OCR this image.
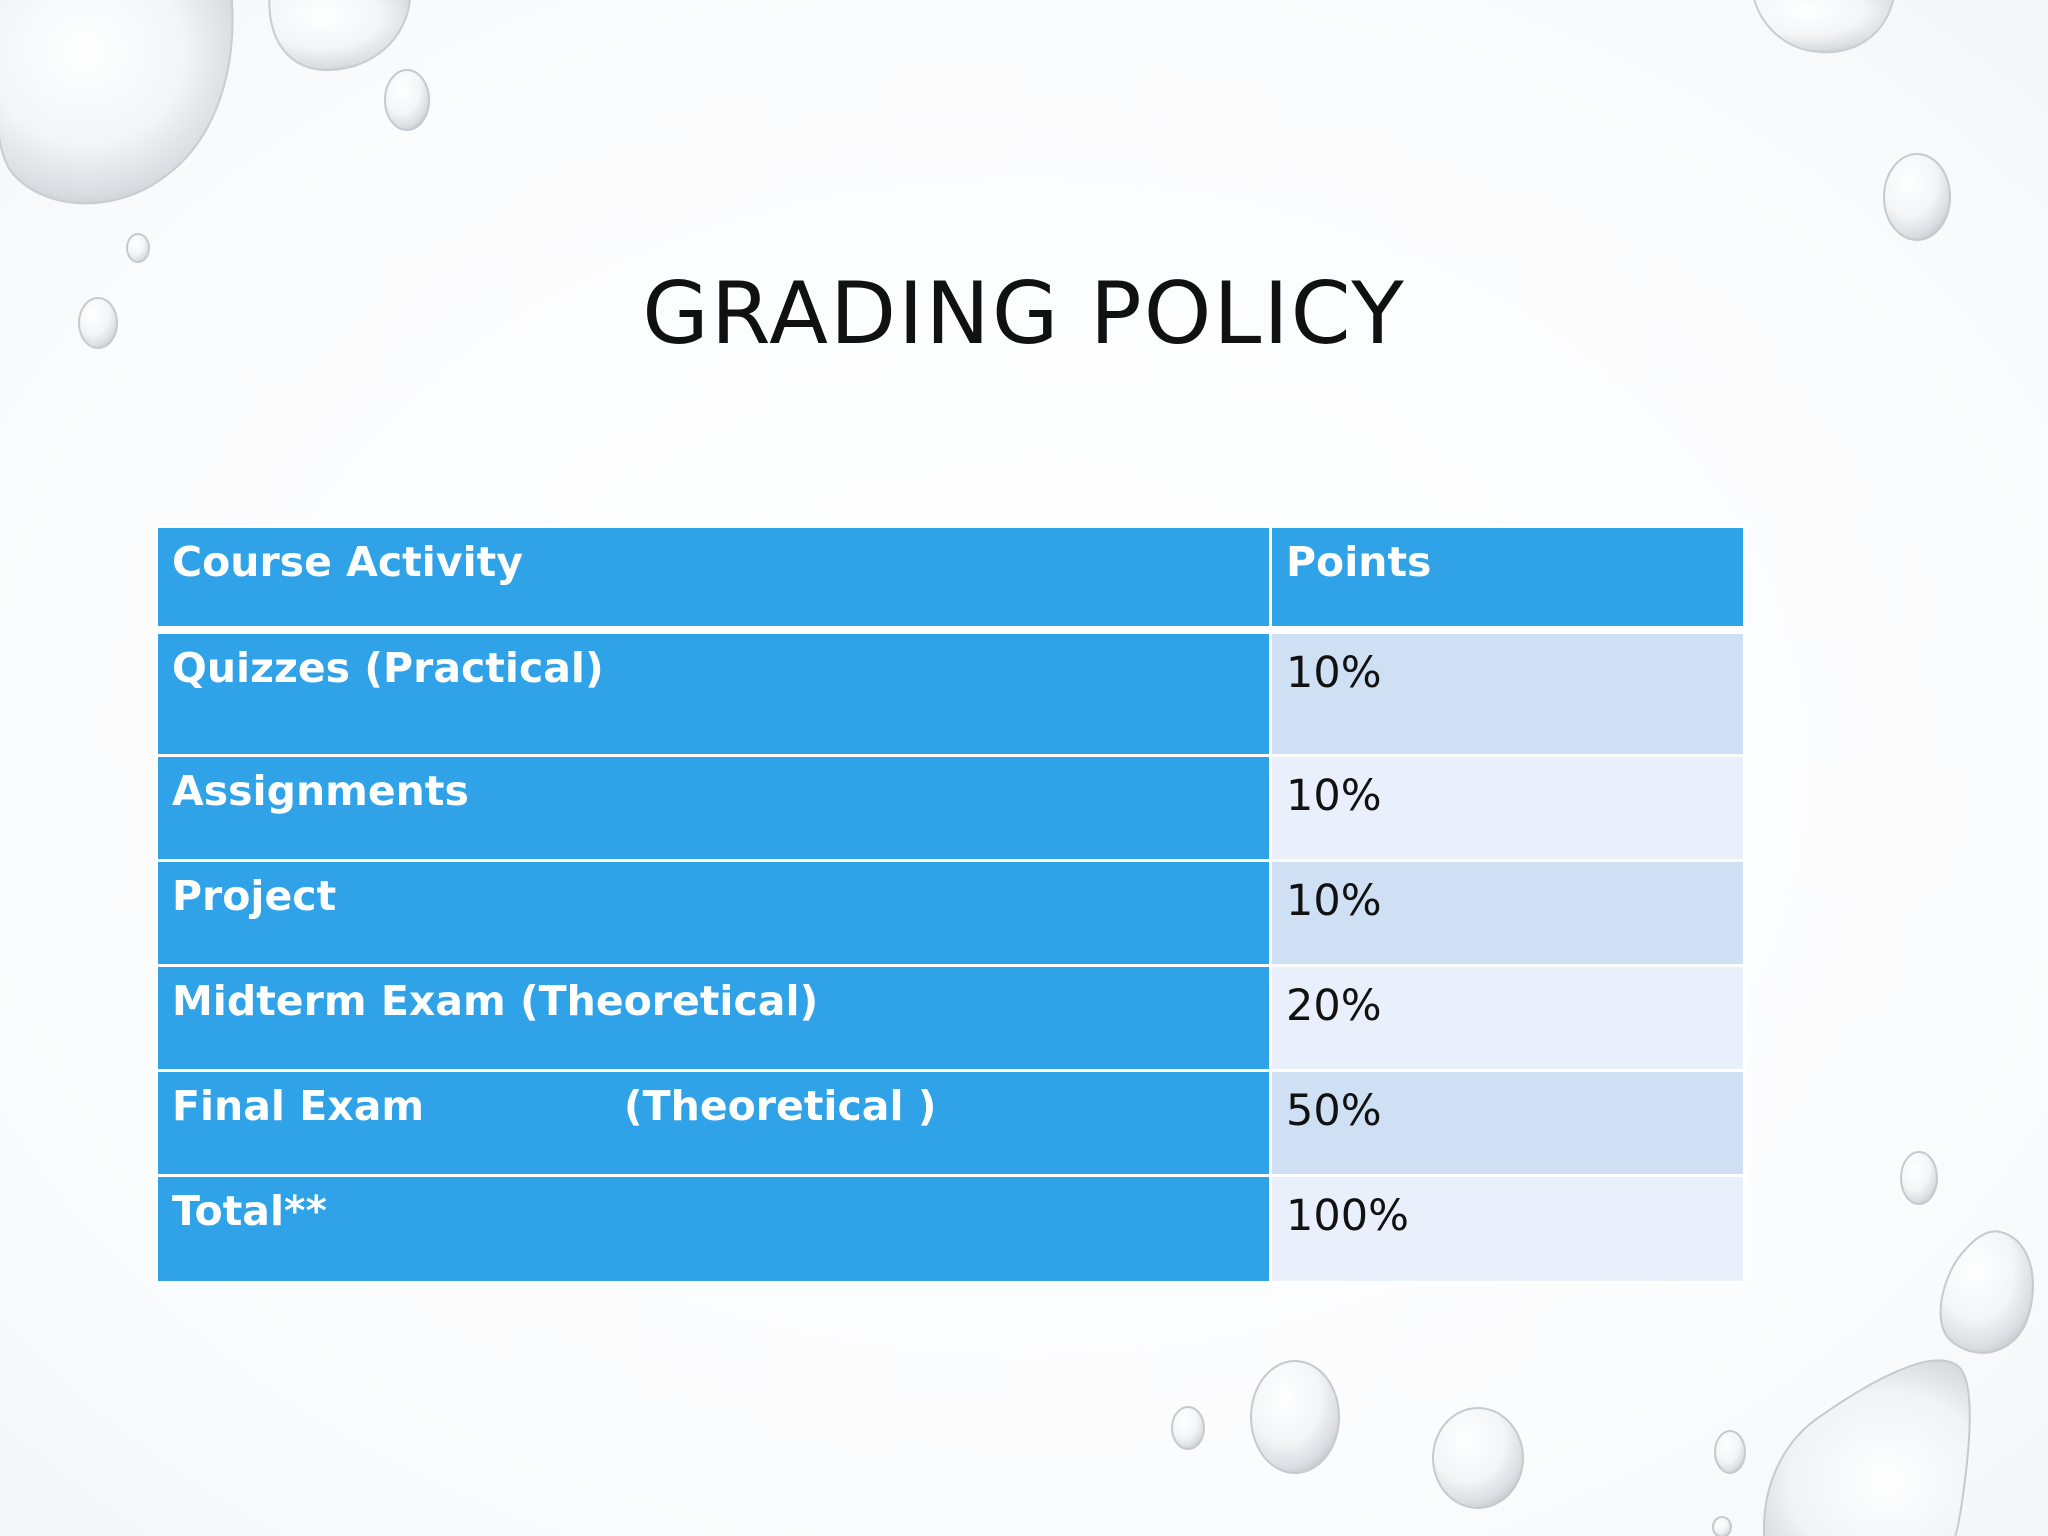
GRADING POLICY
Course Activity	Points
Quizzes (Practical)	10%
Assignments	10%
Project	10%
Midterm Exam (Theoretical)	20%
Final Exam              (Theoretical )	50%
Total**	100%
